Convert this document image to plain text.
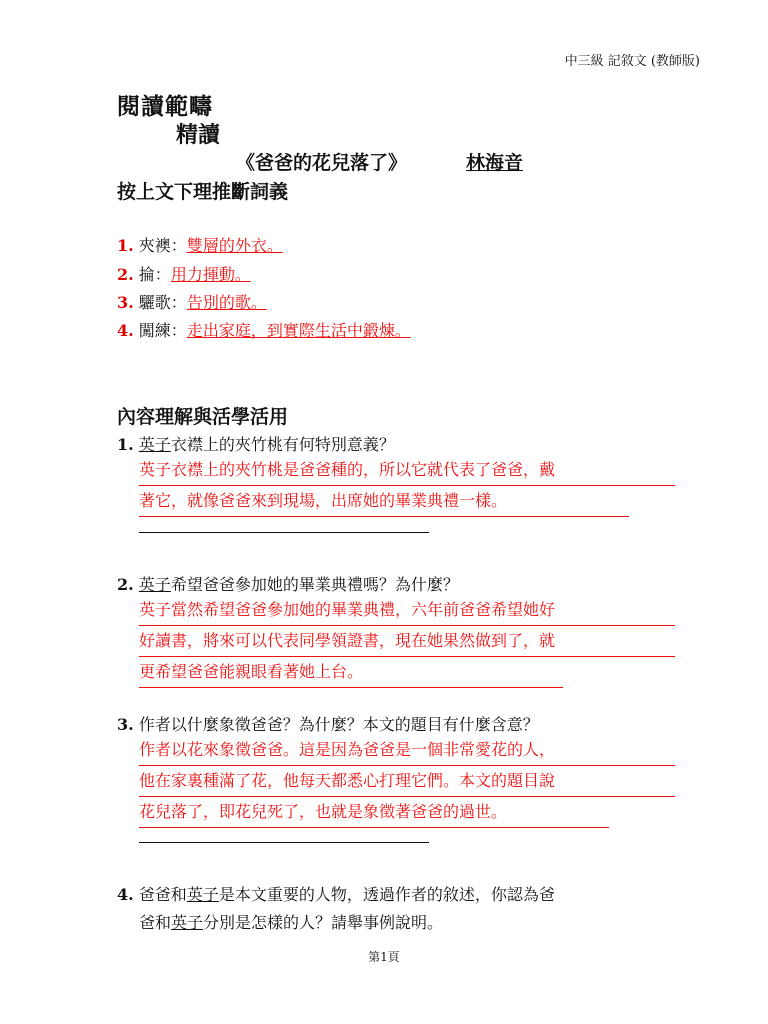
中三級 記敘文 (教師版)
閱讀範疇
精讀
《爸爸的花兒落了》	林海音
按上文下理推斷詞義
1. 夾襖：雙層的外衣。
2. 掄：用力揮動。
3. 驪歌：告別的歌。
4. 闖練：走出家庭，到實際生活中鍛煉。
內容理解與活學活用
1. 英子衣襟上的夾竹桃有何特別意義？
英子衣襟上的夾竹桃是爸爸種的，所以它就代表了爸爸，戴
著它，就像爸爸來到現場，出席她的畢業典禮一樣。
2. 英子希望爸爸參加她的畢業典禮嗎？為什麼？
英子當然希望爸爸參加她的畢業典禮，六年前爸爸希望她好
好讀書，將來可以代表同學領證書，現在她果然做到了，就
更希望爸爸能親眼看著她上台。
3. 作者以什麼象徵爸爸？為什麼？本文的題目有什麼含意？
作者以花來象徵爸爸。這是因為爸爸是一個非常愛花的人，
他在家裏種滿了花，他每天都悉心打理它們。本文的題目說
花兒落了，即花兒死了，也就是象徵著爸爸的過世。
4. 爸爸和英子是本文重要的人物，透過作者的敘述，你認為爸
爸和英子分別是怎樣的人？請舉事例說明。
第1頁
